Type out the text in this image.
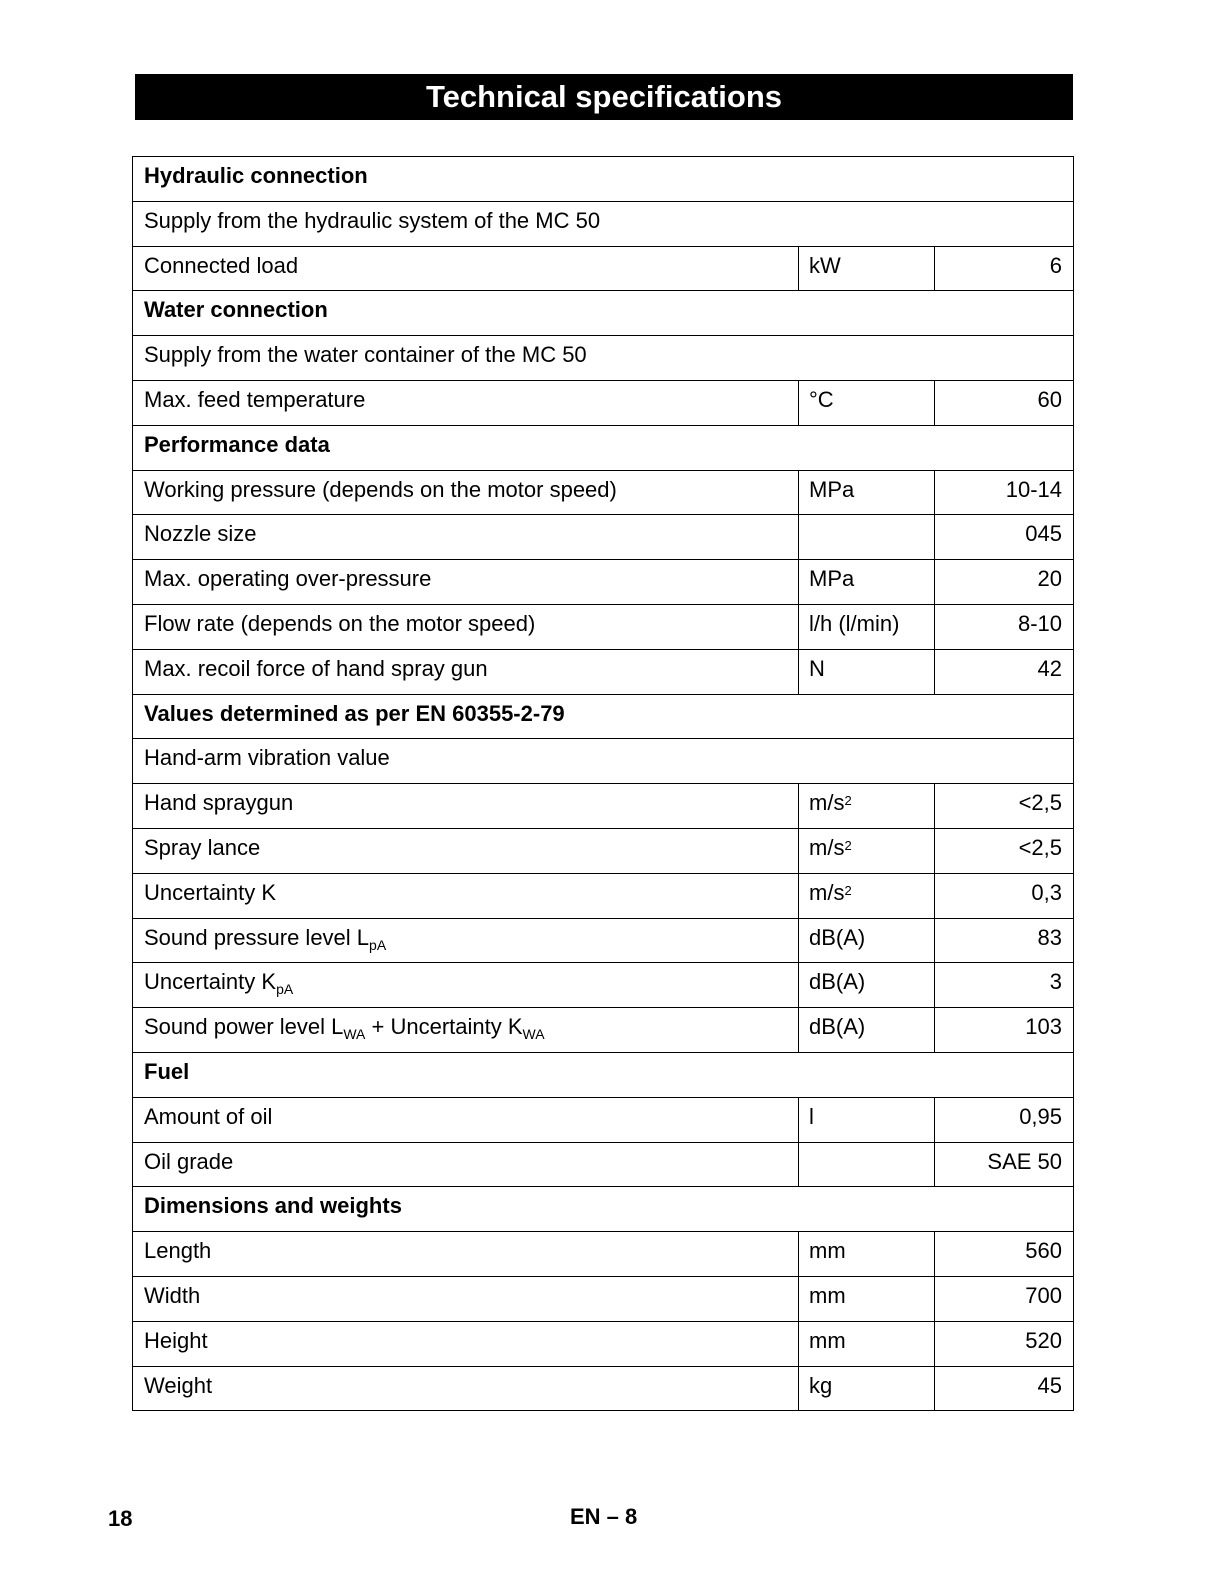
Technical specifications
Hydraulic connection		
Supply from the hydraulic system of the MC 50		
Connected load	kW	6
Water connection		
Supply from the water container of the MC 50		
Max. feed temperature	°C	60
Performance data		
Working pressure (depends on the motor speed)	MPa	10-14
Nozzle size		045
Max. operating over-pressure	MPa	20
Flow rate (depends on the motor speed)	l/h (l/min)	8-10
Max. recoil force of hand spray gun	N	42
Values determined as per EN 60355-2-79		
Hand-arm vibration value		
Hand spraygun	$m/s^2$	<2,5
Spray lance	$m/s^2$	<2,5
Uncertainty K	$m/s^2$	0,3
Sound pressure level $L_{pA}$	dB(A)	83
Uncertainty $K_{pA}$	dB(A)	3
Sound power level $L_{WA}$ + Uncertainty $K_{WA}$	dB(A)	103
Fuel		
Amount of oil	l	0,95
Oil grade		SAE 50
Dimensions and weights		
Length	mm	560
Width	mm	700
Height	mm	520
Weight	kg	45
18	EN – 8
